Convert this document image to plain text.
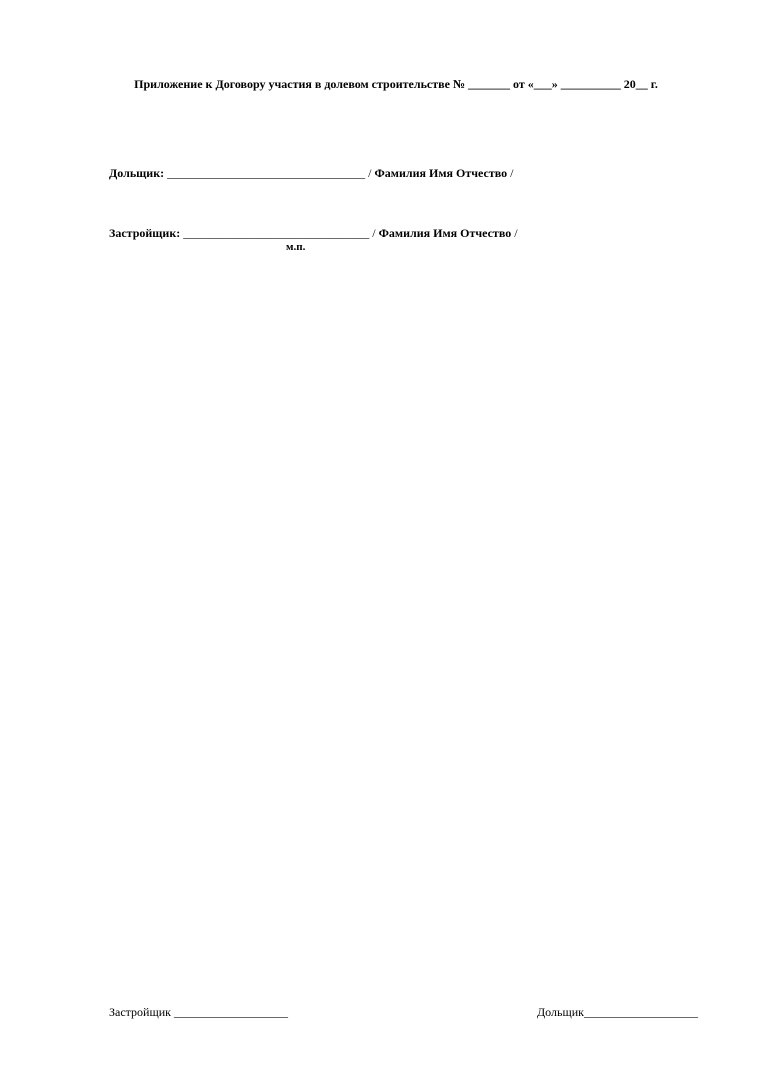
Приложение к Договору участия в долевом строительстве № _______ от «___» __________ 20__ г.
Дольщик: _________________________________ / Фамилия Имя Отчество /
Застройщик: _______________________________ / Фамилия Имя Отчество /
м.п.
Застройщик ___________________	Дольщик___________________
